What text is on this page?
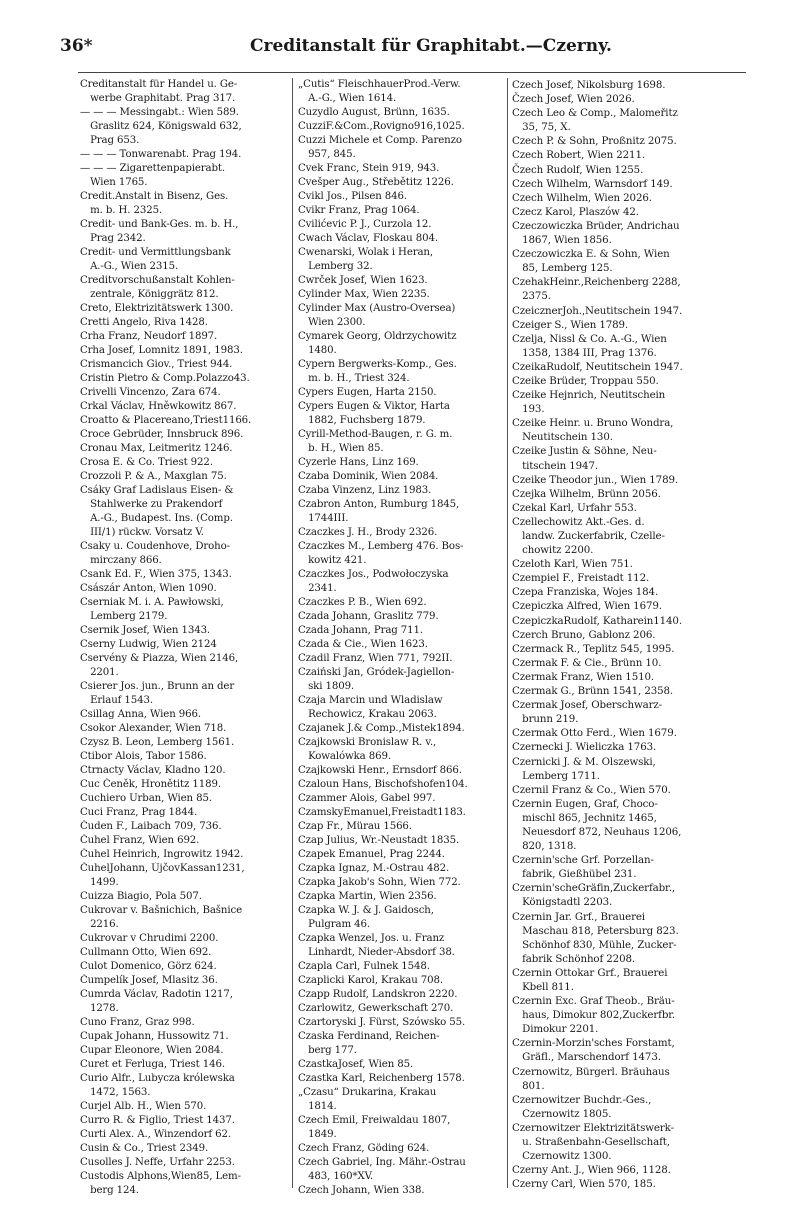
36*	Creditanstalt für Graphitabt.—Czerny.
Creditanstalt für Handel u. Ge-
 werbe Graphitabt. Prag 317.
— — — Messingabt.: Wien 589.
 Graslitz 624, Königswald 632,
 Prag 653.
— — — Tonwarenabt. Prag 194.
— — — Zigarettenpapierabt.
 Wien 1765.
Credit.Anstalt in Bisenz, Ges.
 m. b. H. 2325.
Credit- und Bank-Ges. m. b. H.,
 Prag 2342.
Credit- und Vermittlungsbank
 A.-G., Wien 2315.
Creditvorschußanstalt Kohlen-
 zentrale, Königgrätz 812.
Creto, Elektrizitätswerk 1300.
Cretti Angelo, Riva 1428.
Crha Franz, Neudorf 1897.
Crha Josef, Lomnitz 1891, 1983.
Crismancich Giov., Triest 944.
Cristin Pietro & Comp.Polazzo43.
Crivelli Vincenzo, Zara 674.
Crkal Václav, Hněwkowitz 867.
Croatto & Placereano,Triest1166.
Croce Gebrüder, Innsbruck 896.
Cronau Max, Leitmeritz 1246.
Crosa E. & Co. Triest 922.
Crozzoli P. & A., Maxglan 75.
Csáky Graf Ladislaus Eisen- &
 Stahlwerke zu Prakendorf
 A.-G., Budapest. Ins. (Comp.
 III/1) rückw. Vorsatz V.
Csaky u. Coudenhove, Droho-
 mirczany 866.
Csank Ed. F., Wien 375, 1343.
Császár Anton, Wien 1090.
Cserniak M. i. A. Pawłowski,
 Lemberg 2179.
Csernik Josef, Wien 1343.
Cserny Ludwig, Wien 2124
Cservény & Piazza, Wien 2146,
 2201.
Csierer Jos. jun., Brunn an der
 Erlauf 1543.
Csillag Anna, Wien 966.
Csokor Alexander, Wien 718.
Czysz B. Leon, Lemberg 1561.
Ctibor Alois, Tabor 1586.
Ctrnacty Václav, Kladno 120.
Cuc Čeněk, Hronětitz 1189.
Cuchiero Urban, Wien 85.
Cuci Franz, Prag 1844.
Čuden F., Laibach 709, 736.
Čuhel Franz, Wien 692.
Čuhel Heinrich, Ingrowitz 1942.
ČuhelJohann, ÚjčovKassan1231,
 1499.
Cuizza Biagio, Pola 507.
Cukrovar v. Bašnichich, Bašnice
 2216.
Cukrovar v Chrudimi 2200.
Cullmann Otto, Wien 692.
Culot Domenico, Görz 624.
Čumpelík Josef, Mlasitz 36.
Cumrda Václav, Radotin 1217,
 1278.
Cuno Franz, Graz 998.
Cupak Johann, Hussowitz 71.
Cupar Eleonore, Wien 2084.
Curet et Ferluga, Triest 146.
Curio Alfr., Lubycza królewska
 1472, 1563.
Curjel Alb. H., Wien 570.
Curro R. & Figlio, Triest 1437.
Curti Alex. A., Winzendorf 62.
Cusin & Co., Triest 2349.
Cusolles J. Neffe, Urfahr 2253.
Custodis Alphons,Wien85, Lem-
 berg 124.
„Cutis“ FleischhauerProd.-Verw.
 A.-G., Wien 1614.
Cuzydlo August, Brünn, 1635.
CuzziF.&Com.,Rovigno916,1025.
Cuzzi Michele et Comp. Parenzo
 957, 845.
Cvek Franc, Stein 919, 943.
Cvešper Aug., Střebětitz 1226.
Cvikl Jos., Pilsen 846.
Cvikr Franz, Prag 1064.
Cvilićevic P. J., Curzola 12.
Cwach Václav, Floskau 804.
Cwenarski, Wolak i Heran,
 Lemberg 32.
Cwrček Josef, Wien 1623.
Cylinder Max, Wien 2235.
Cylinder Max (Austro-Oversea)
 Wien 2300.
Cymarek Georg, Oldrzychowitz
 1480.
Cypern Bergwerks-Komp., Ges.
 m. b. H., Triest 324.
Cypers Eugen, Harta 2150.
Cypers Eugen & Viktor, Harta
 1882, Fuchsberg 1879.
Cyrill-Method-Baugen, r. G. m.
 b. H., Wien 85.
Cyzerle Hans, Linz 169.
Czaba Dominik, Wien 2084.
Czaba Vinzenz, Linz 1983.
Czabron Anton, Rumburg 1845,
 1744III.
Czaczkes J. H., Brody 2326.
Czaczkes M., Lemberg 476. Bos-
 kowitz 421.
Czaczkes Jos., Podwołoczyska
 2341.
Czaczkes P. B., Wien 692.
Czada Johann, Graslitz 779.
Czada Johann, Prag 711.
Czada & Cie., Wien 1623.
Czadil Franz, Wien 771, 792II.
Czaiński Jan, Gródek-Jagiellon-
 ski 1809.
Czaja Marcin und Wladislaw
 Rechowicz, Krakau 2063.
Czajanek J.& Comp.,Mistek1894.
Czajkowski Bronislaw R. v.,
 Kowalówka 869.
Czajkowski Henr., Ernsdorf 866.
Czaloun Hans, Bischofshofen104.
Czammer Alois, Gabel 997.
CzamskyEmanuel,Freistadt1183.
Czap Fr., Mürau 1566.
Czap Julius, Wr.-Neustadt 1835.
Czapek Emanuel, Prag 2244.
Czapka Ignaz, M.-Ostrau 482.
Czapka Jakob's Sohn, Wien 772.
Czapka Martin, Wien 2356.
Czapka W. J. & J. Gaidosch,
 Pulgram 46.
Czapka Wenzel, Jos. u. Franz
 Linhardt, Nieder-Absdorf 38.
Czapla Carl, Fulnek 1548.
Czaplicki Karol, Krakau 708.
Czapp Rudolf, Landskron 2220.
Czarlowitz, Gewerkschaft 270.
Czartoryski J. Fürst, Szówsko 55.
Czaska Ferdinand, Reichen-
 berg 177.
CzastkaJosef, Wien 85.
Czastka Karl, Reichenberg 1578.
„Czasu“ Drukarina, Krakau
 1814.
Czech Emil, Freiwaldau 1807,
 1849.
Czech Franz, Göding 624.
Czech Gabriel, Ing. Mähr.-Ostrau
 483, 160*XV.
Czech Johann, Wien 338.
Czech Josef, Nikolsburg 1698.
Čzech Josef, Wien 2026.
Czech Leo & Comp., Malomeřitz
 35, 75, X.
Czech P. & Sohn, Proßnitz 2075.
Czech Robert, Wien 2211.
Čzech Rudolf, Wien 1255.
Czech Wilhelm, Warnsdorf 149.
Czech Wilhelm, Wien 2026.
Czecz Karol, Plaszów 42.
Czeczowiczka Brüder, Andrichau
 1867, Wien 1856.
Czeczowiczka E. & Sohn, Wien
 85, Lemberg 125.
CzehakHeinr.,Reichenberg 2288,
 2375.
CzeicznerJoh.,Neutitschein 1947.
Czeiger S., Wien 1789.
Czelja, Nissl & Co. A.-G., Wien
 1358, 1384 III, Prag 1376.
CzeikaRudolf, Neutitschein 1947.
Czeike Brüder, Troppau 550.
Czeike Hejnrich, Neutitschein
 193.
Czeike Heinr. u. Bruno Wondra,
 Neutitschein 130.
Czeike Justin & Söhne, Neu-
 titschein 1947.
Czeike Theodor jun., Wien 1789.
Czejka Wilhelm, Brünn 2056.
Czekal Karl, Urfahr 553.
Czellechowitz Akt.-Ges. d.
 landw. Zuckerfabrik, Czelle-
 chowitz 2200.
Czeloth Karl, Wien 751.
Czempiel F., Freistadt 112.
Czepa Franziska, Wojes 184.
Czepiczka Alfred, Wien 1679.
CzepiczkaRudolf, Katharein1140.
Czerch Bruno, Gablonz 206.
Czermack R., Teplitz 545, 1995.
Czermak F. & Cie., Brünn 10.
Czermak Franz, Wien 1510.
Czermak G., Brünn 1541, 2358.
Czermak Josef, Oberschwarz-
 brunn 219.
Czermak Otto Ferd., Wien 1679.
Czernecki J. Wieliczka 1763.
Czernicki J. & M. Olszewski,
 Lemberg 1711.
Czernil Franz & Co., Wien 570.
Czernin Eugen, Graf, Choco-
 mischl 865, Jechnitz 1465,
 Neuesdorf 872, Neuhaus 1206,
 820, 1318.
Czernin'sche Grf. Porzellan-
 fabrik, Gießhübel 231.
Czernin'scheGräfin,Zuckerfabr.,
 Königstadtl 2203.
Czernin Jar. Grf., Brauerei
 Maschau 818, Petersburg 823.
 Schönhof 830, Mühle, Zucker-
 fabrik Schönhof 2208.
Czernin Ottokar Grf., Brauerei
 Kbell 811.
Czernin Exc. Graf Theob., Bräu-
 haus, Dimokur 802,Zuckerfbr.
 Dimokur 2201.
Czernin-Morzin'sches Forstamt,
 Gräfl., Marschendorf 1473.
Czernowitz, Bürgerl. Bräuhaus
 801.
Czernowitzer Buchdr.-Ges.,
 Czernowitz 1805.
Czernowitzer Elektrizitätswerk-
 u. Straßenbahn-Gesellschaft,
 Czernowitz 1300.
Czerny Ant. J., Wien 966, 1128.
Czerny Carl, Wien 570, 185.
